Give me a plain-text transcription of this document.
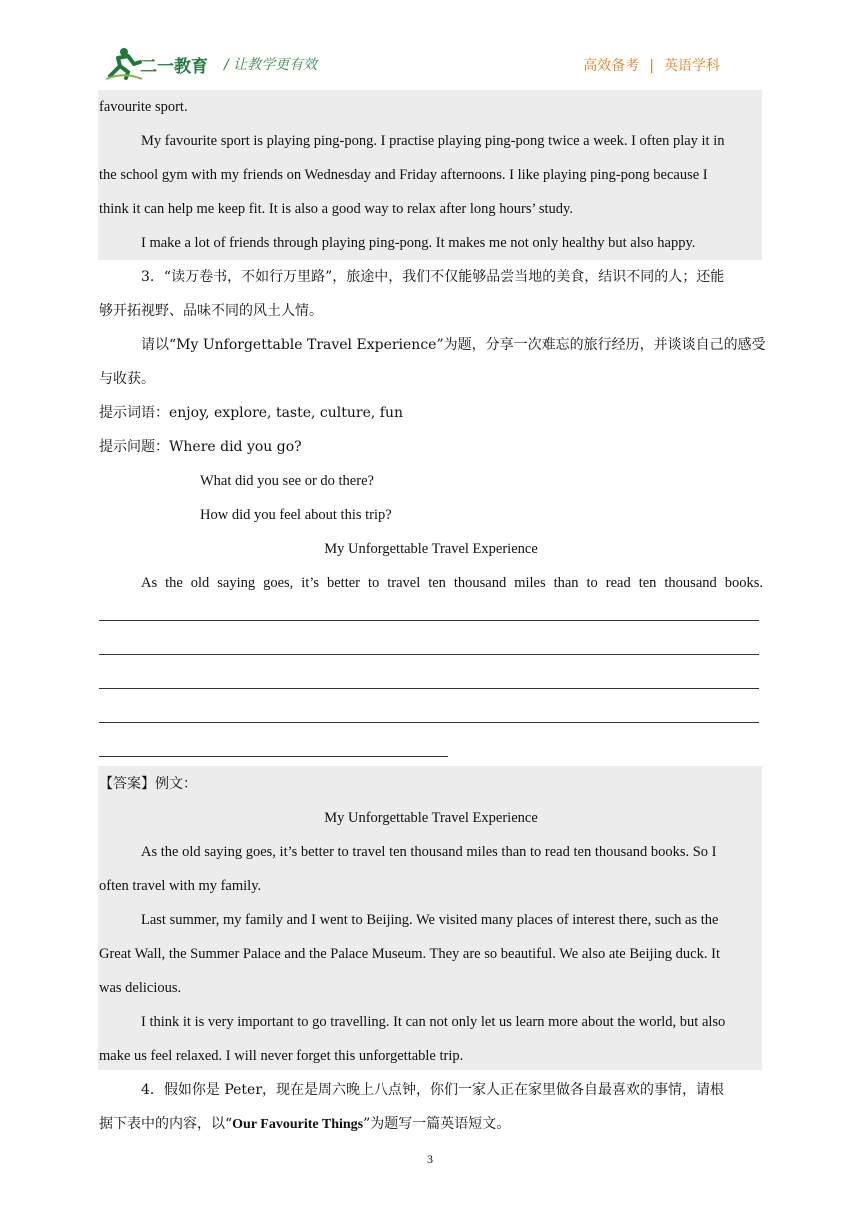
二一教育 / 让教学更有效	高效备考 | 英语学科
favourite sport.
My favourite sport is playing ping-pong. I practise playing ping-pong twice a week. I often play it in
the school gym with my friends on Wednesday and Friday afternoons. I like playing ping-pong because I
think it can help me keep fit. It is also a good way to relax after long hours’ study.
I make a lot of friends through playing ping-pong. It makes me not only healthy but also happy.
3．“读万卷书，不如行万里路”，旅途中，我们不仅能够品尝当地的美食，结识不同的人；还能
够开拓视野、品味不同的风土人情。
请以“My Unforgettable Travel Experience”为题，分享一次难忘的旅行经历，并谈谈自己的感受
与收获。
提示词语：enjoy, explore, taste, culture, fun
提示问题：Where did you go?
What did you see or do there?
How did you feel about this trip?
My Unforgettable Travel Experience
As the old saying goes, it’s better to travel ten thousand miles than to read ten thousand books.
【答案】例文：
My Unforgettable Travel Experience
As the old saying goes, it’s better to travel ten thousand miles than to read ten thousand books. So I
often travel with my family.
Last summer, my family and I went to Beijing. We visited many places of interest there, such as the
Great Wall, the Summer Palace and the Palace Museum. They are so beautiful. We also ate Beijing duck. It
was delicious.
I think it is very important to go travelling. It can not only let us learn more about the world, but also
make us feel relaxed. I will never forget this unforgettable trip.
4．假如你是 Peter，现在是周六晚上八点钟，你们一家人正在家里做各自最喜欢的事情，请根
据下表中的内容，以“Our Favourite Things”为题写一篇英语短文。
3
